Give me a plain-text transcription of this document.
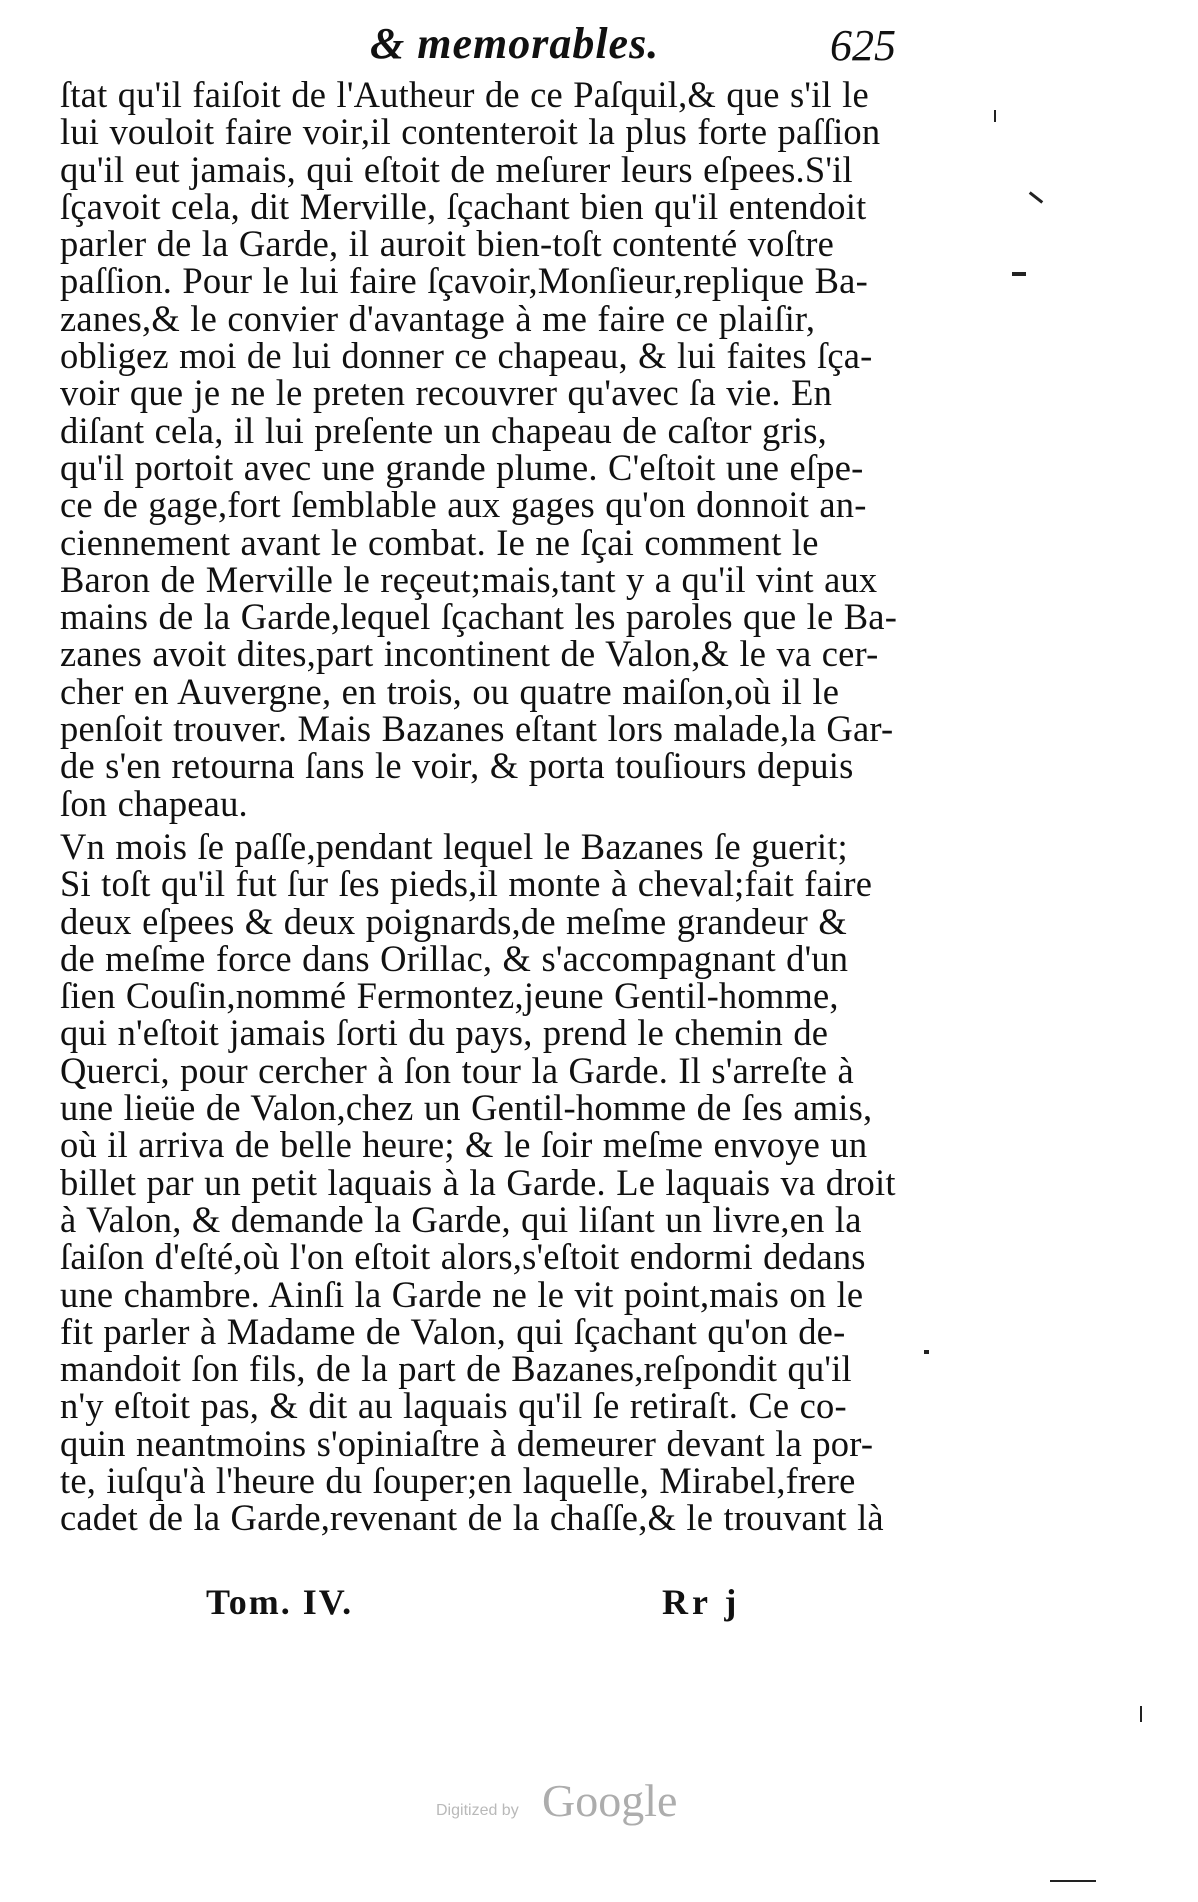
& memorables.	625
ſtat qu'il faiſoit de l'Autheur de ce Paſquil,& que s'il le
lui vouloit faire voir,il contenteroit la plus forte paſſion
qu'il eut jamais, qui eſtoit de meſurer leurs eſpees.S'il
ſçavoit cela, dit Merville, ſçachant bien qu'il entendoit
parler de la Garde, il auroit bien-toſt contenté voſtre
paſſion. Pour le lui faire ſçavoir,Monſieur,replique Ba-
zanes,& le convier d'avantage à me faire ce plaiſir,
obligez moi de lui donner ce chapeau, & lui faites ſça-
voir que je ne le preten recouvrer qu'avec ſa vie. En
diſant cela, il lui preſente un chapeau de caſtor gris,
qu'il portoit avec une grande plume. C'eſtoit une eſpe-
ce de gage,fort ſemblable aux gages qu'on donnoit an-
ciennement avant le combat. Ie ne ſçai comment le
Baron de Merville le reçeut;mais,tant y a qu'il vint aux
mains de la Garde,lequel ſçachant les paroles que le Ba-
zanes avoit dites,part incontinent de Valon,& le va cer-
cher en Auvergne, en trois, ou quatre maiſon,où il le
penſoit trouver. Mais Bazanes eſtant lors malade,la Gar-
de s'en retourna ſans le voir, & porta touſiours depuis
ſon chapeau.
Vn mois ſe paſſe,pendant lequel le Bazanes ſe guerit;
Si toſt qu'il fut ſur ſes pieds,il monte à cheval;fait faire
deux eſpees & deux poignards,de meſme grandeur &
de meſme force dans Orillac, & s'accompagnant d'un
ſien Couſin,nommé Fermontez,jeune Gentil-homme,
qui n'eſtoit jamais ſorti du pays, prend le chemin de
Querci, pour cercher à ſon tour la Garde. Il s'arreſte à
une lieüe de Valon,chez un Gentil-homme de ſes amis,
où il arriva de belle heure; & le ſoir meſme envoye un
billet par un petit laquais à la Garde. Le laquais va droit
à Valon, & demande la Garde, qui liſant un livre,en la
ſaiſon d'eſté,où l'on eſtoit alors,s'eſtoit endormi dedans
une chambre. Ainſi la Garde ne le vit point,mais on le
fit parler à Madame de Valon, qui ſçachant qu'on de-
mandoit ſon fils, de la part de Bazanes,reſpondit qu'il
n'y eſtoit pas, & dit au laquais qu'il ſe retiraſt. Ce co-
quin neantmoins s'opiniaſtre à demeurer devant la por-
te, iuſqu'à l'heure du ſouper;en laquelle, Mirabel,frere
cadet de la Garde,revenant de la chaſſe,& le trouvant là
Tom. IV.	Rr j
Digitized by Google
